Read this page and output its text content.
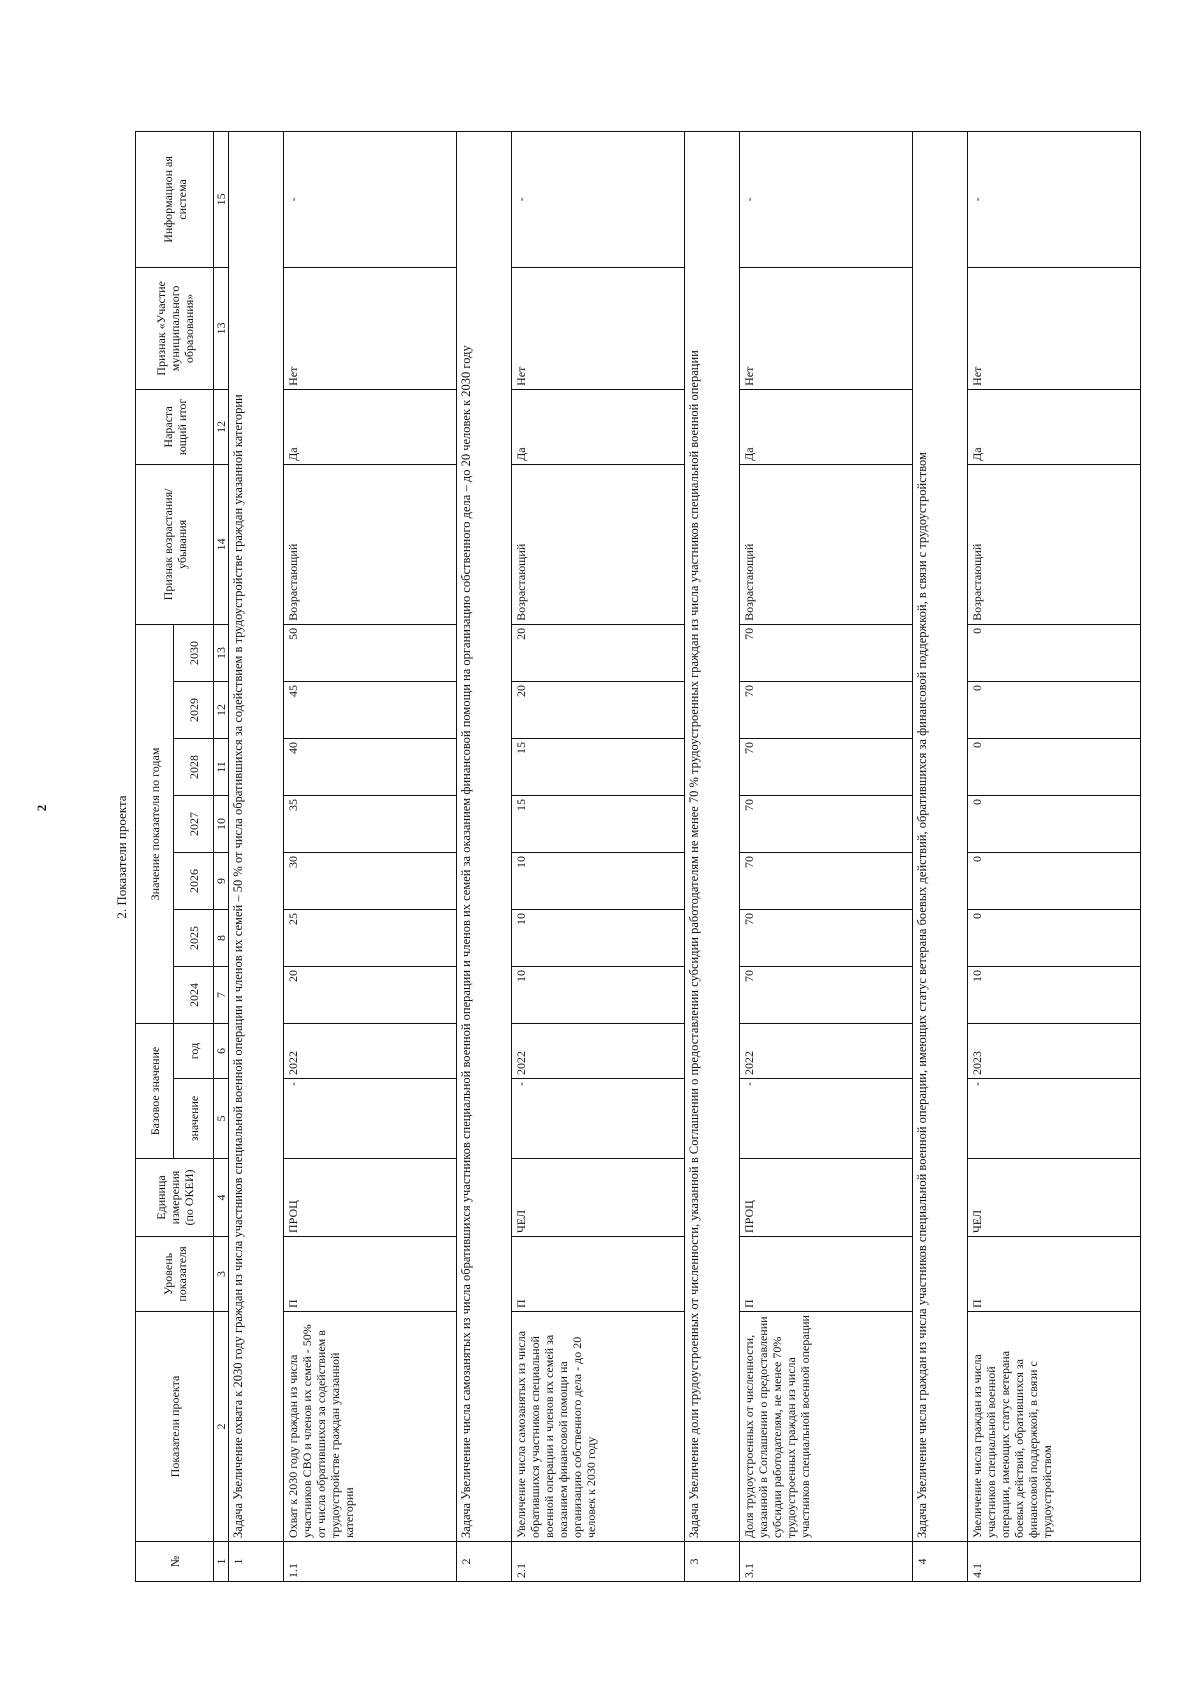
2	2. Показатели проекта
№	Показатели проекта	Уровень показателя	Единица измерения (по ОКЕИ)	Базовое значение		Значение показателя по годам							Признак возрастания/убывания	Нараста ющий итог	Признак «Участие муниципального образования»	Информацион ая система
				значение	год	2024	2025	2026	2027	2028	2029	2030				
1	2	3	4	5	6	7	8	9	10	11	12	13	14	12	13	15
1	Задача Увеличение охвата к 2030 году граждан из числа участников специальной военной операции и членов их семей – 50 % от числа обратившихся за содействием в трудоустройстве граждан указанной категории															
1.1	Охват к 2030 году граждан из числа участников СВО и членов их семей - 50% от числа обратившихся за содействием в трудоустройстве граждан указанной категории	П	ПРОЦ	-	2022	20	25	30	35	40	45	50	Возрастающий	Да	Нет	-
2	Задача Увеличение числа самозанятых из числа обратившихся участников специальной военной операции и членов их семей за оказанием финансовой помощи на организацию собственного дела – до 20 человек к 2030 году															
2.1	Увеличение числа самозанятых из числа обратившихся участников специальной военной операции и членов их семей за оказанием финансовой помощи на организацию собственного дела - до 20 человек к 2030 году	П	ЧЕЛ	-	2022	10	10	10	15	15	20	20	Возрастающий	Да	Нет	-
3	Задача Увеличение доли трудоустроенных от численности, указанной в Соглашении о предоставлении субсидии работодателям не менее 70 % трудоустроенных граждан из числа участников специальной военной операции															
3.1	Доля трудоустроенных от численности, указанной в Соглашении о предоставлении субсидии работодателям, не менее 70% трудоустроенных граждан из числа участников специальной военной операции	П	ПРОЦ	-	2022	70	70	70	70	70	70	70	Возрастающий	Да	Нет	-
4	Задача Увеличение числа граждан из числа участников специальной военной операции, имеющих статус ветерана боевых действий, обратившихся за финансовой поддержкой, в связи с трудоустройством															
4.1	Увеличение числа граждан из числа участников специальной военной операции, имеющих статус ветерана боевых действий, обратившихся за финансовой поддержкой, в связи с трудоустройством	П	ЧЕЛ	-	2023	10	0	0	0	0	0	0	Возрастающий	Да	Нет	-
